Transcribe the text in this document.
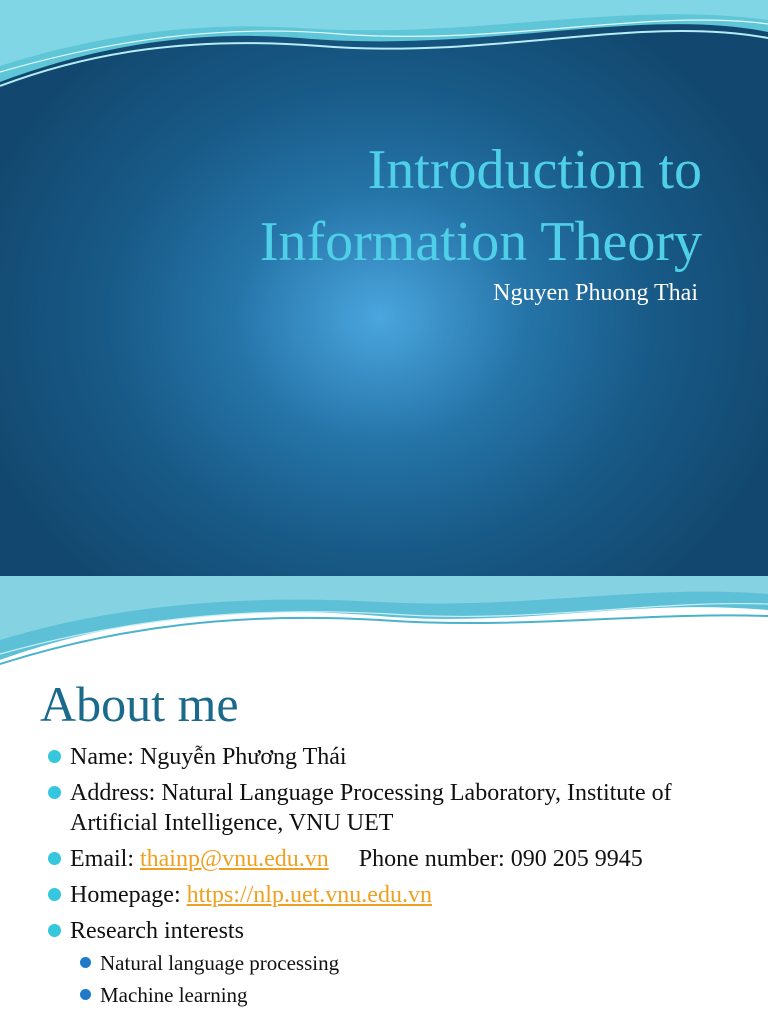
Introduction to
Information Theory
Nguyen Phuong Thai
About me
Name: Nguyễn Phương Thái
Address: Natural Language Processing Laboratory, Institute of Artificial Intelligence, VNU UET
Email: thainp@vnu.edu.vn Phone number: 090 205 9945
Homepage: https://nlp.uet.vnu.edu.vn
Research interests
Natural language processing
Machine learning
